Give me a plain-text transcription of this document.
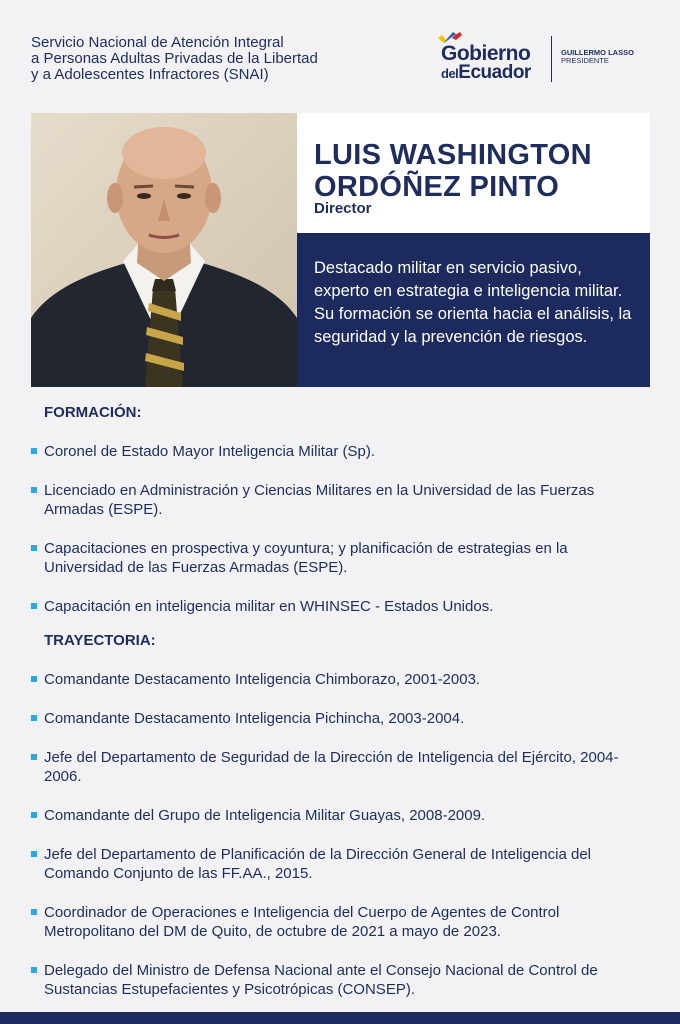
Servicio Nacional de Atención Integral
a Personas Adultas Privadas de la Libertad
y a Adolescentes Infractores (SNAI)
Gobierno
delEcuador
GUILLERMO LASSO
PRESIDENTE
LUIS WASHINGTON
ORDÓÑEZ PINTO
Director
Destacado militar en servicio pasivo, experto en estrategia e inteligencia militar. Su formación se orienta hacia el análisis, la seguridad y la prevención de riesgos.
FORMACIÓN:
Coronel de Estado Mayor Inteligencia Militar (Sp).
Licenciado en Administración y Ciencias Militares en la Universidad de las Fuerzas Armadas (ESPE).
Capacitaciones en prospectiva y coyuntura; y planificación de estrategias en la Universidad de las Fuerzas Armadas (ESPE).
Capacitación en inteligencia militar en WHINSEC - Estados Unidos.
TRAYECTORIA:
Comandante Destacamento Inteligencia Chimborazo, 2001-2003.
Comandante Destacamento Inteligencia Pichincha, 2003-2004.
Jefe del Departamento de Seguridad de la Dirección de Inteligencia del Ejército, 2004-2006.
Comandante del Grupo de Inteligencia Militar Guayas, 2008-2009.
Jefe del Departamento de Planificación de la Dirección General de Inteligencia del Comando Conjunto de las FF.AA., 2015.
Coordinador de Operaciones e Inteligencia del Cuerpo de Agentes de Control Metropolitano del DM de Quito, de octubre de 2021 a mayo de 2023.
Delegado del Ministro de Defensa Nacional ante el Consejo Nacional de Control de Sustancias Estupefacientes y Psicotrópicas (CONSEP).
